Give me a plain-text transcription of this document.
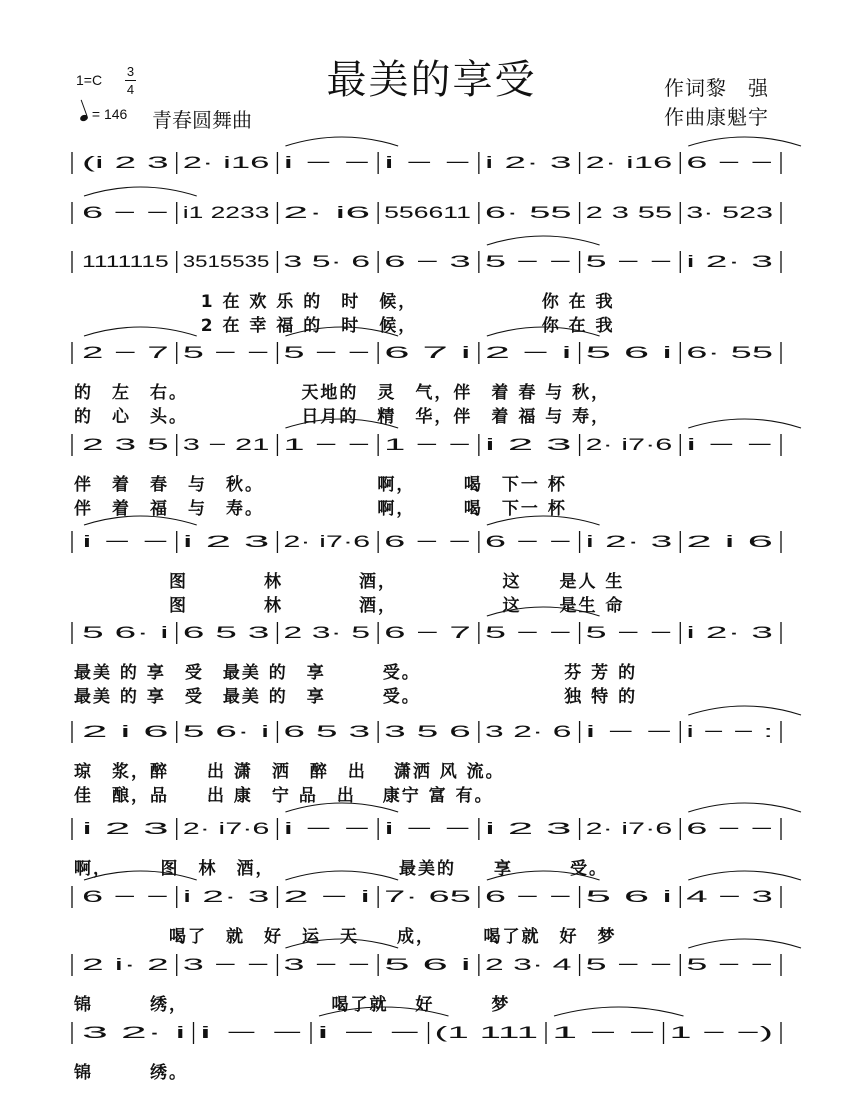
最美的享受
1=C
3
4
= 146 青春圆舞曲
作词黎　强
作曲康魁宇
(i 2 3 2· i16 i − − i − − i 2· 3 2· i16 6 − −
6 − − i1 2233 2· i6 556611 6· 55 2 3 55 3· 523
1111115 3515535 3 5· 6 6 − 3 5 − − 5 − − i 2· 3
2 − 7 5 − − 5 − − 6 7 i 2 − i 5 6 i 6· 55
2 3 5 3 − 21 1 − − 1 − − i 2 3 2· i7·6 i − −
i − − i 2 3 2· i7·6 6 − − 6 − − i 2· 3 2 i 6
5 6· i 6 5 3 2 3· 5 6 − 7 5 − − 5 − − i 2· 3
2 i 6 5 6· i 6 5 3 3 5 6 3 2· 6 i − − i − − :
i 2 3 2· i7·6 i − − i − − i 2 3 2· i7·6 6 − −
6 − − i 2· 3 2 − i 7· 65 6 − − 5 6 i 4 − 3
2 i· 2 3 − − 3 − − 5 6 i 2 3· 4 5 − − 5 − −
3 2· i i − − i − − (1 111 1 − − 1 − −)
1 在 欢 乐 的　时　候，　　　　　　　你 在 我
2 在 幸 福 的　时　候，　　　　　　　你 在 我
的　左　右。　　　　　　 天地的　灵　气，伴　着 春 与 秋，
的　心　头。　　　　　　 日月的　精　华，伴　着 福 与 寿，
伴　着　春　与　秋。　　　　　　 啊，　　　喝　下一 杯
伴　着　福　与　寿。　　　　　　 啊，　　　喝　下一 杯
　　　　　图　　　　林　　　　酒，　　　　　　这　　是人 生
　　　　　图　　　　林　　　　酒，　　　　　　这　　是生 命
最美 的 享　受　最美 的　享　　　受。　　　　　　　　芬 芳 的
最美 的 享　受　最美 的　享　　　受。　　　　　　　　独 特 的
琼　浆，醉　　出 潇　洒　醉　出　 潇洒 风 流。
佳　酿，品　　出 康　宁 品　出　 康宁 富 有。
啊，　　　图　林　酒，　　　　　　　最美的　　享　　　受。
　　　　　喝了　就　好　运　天　　成，　　　喝了就　好　梦
锦　　　绣，　　　　　　　　喝了就　 好　　　梦
锦　　　绣。
